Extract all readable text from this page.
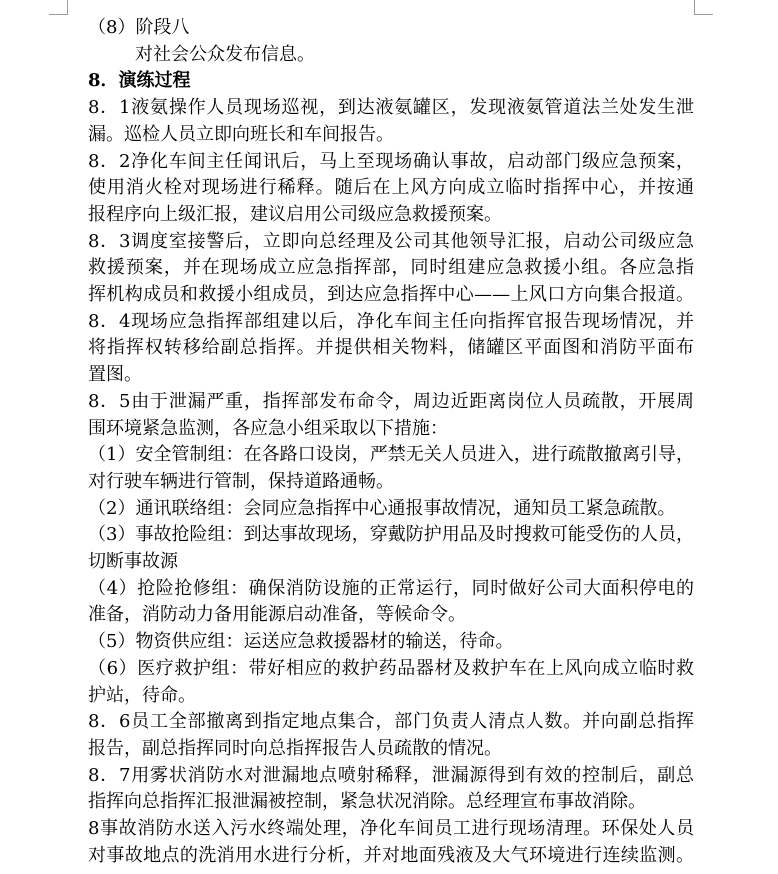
（8）阶段八
对社会公众发布信息。
8．演练过程
8．1液氨操作人员现场巡视，到达液氨罐区，发现液氨管道法兰处发生泄
漏。巡检人员立即向班长和车间报告。
8．2净化车间主任闻讯后，马上至现场确认事故，启动部门级应急预案，
使用消火栓对现场进行稀释。随后在上风方向成立临时指挥中心，并按通
报程序向上级汇报，建议启用公司级应急救援预案。
8．3调度室接警后，立即向总经理及公司其他领导汇报，启动公司级应急
救援预案，并在现场成立应急指挥部，同时组建应急救援小组。各应急指
挥机构成员和救援小组成员，到达应急指挥中心——上风口方向集合报道。
8．4现场应急指挥部组建以后，净化车间主任向指挥官报告现场情况，并
将指挥权转移给副总指挥。并提供相关物料，储罐区平面图和消防平面布
置图。
8．5由于泄漏严重，指挥部发布命令，周边近距离岗位人员疏散，开展周
围环境紧急监测，各应急小组采取以下措施：
（1）安全管制组：在各路口设岗，严禁无关人员进入，进行疏散撤离引导，
对行驶车辆进行管制，保持道路通畅。
（2）通讯联络组：会同应急指挥中心通报事故情况，通知员工紧急疏散。
（3）事故抢险组：到达事故现场，穿戴防护用品及时搜救可能受伤的人员，
切断事故源
（4）抢险抢修组：确保消防设施的正常运行，同时做好公司大面积停电的
准备，消防动力备用能源启动准备，等候命令。
（5）物资供应组：运送应急救援器材的输送，待命。
（6）医疗救护组：带好相应的救护药品器材及救护车在上风向成立临时救
护站，待命。
8．6员工全部撤离到指定地点集合，部门负责人清点人数。并向副总指挥
报告，副总指挥同时向总指挥报告人员疏散的情况。
8．7用雾状消防水对泄漏地点喷射稀释，泄漏源得到有效的控制后，副总
指挥向总指挥汇报泄漏被控制，紧急状况消除。总经理宣布事故消除。
8事故消防水送入污水终端处理，净化车间员工进行现场清理。环保处人员
对事故地点的洗消用水进行分析，并对地面残液及大气环境进行连续监测。
